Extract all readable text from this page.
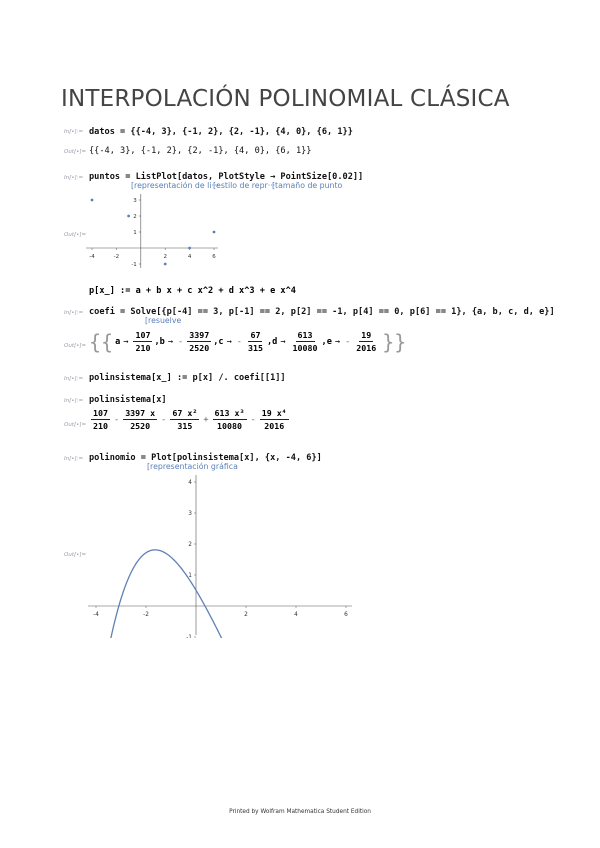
INTERPOLACIÓN POLINOMIAL CLÁSICA
In[•]:= datos = {{-4, 3}, {-1, 2}, {2, -1}, {4, 0}, {6, 1}}
Out[•]= {{-4, 3}, {-1, 2}, {2, -1}, {4, 0}, {6, 1}}
In[•]:= puntos = ListPlot[datos, PlotStyle → PointSize[0.02]]
[ representación de li···
[ estilo de repr···
[ tamaño de punto
Out[•]=
-4	-2	2	4	6
3
2
1
-1
p[x_] := a + b x + c x^2 + d x^3 + e x^4
In[•]:= coefi = Solve[{p[-4] == 3, p[-1] == 2, p[2] == -1, p[4] == 0, p[6] == 1}, {a, b, c, d, e}]
[ resuelve
Out[•]= {{ $a \to \frac{107}{210}$ , b → - $\frac{3397}{2520}$ , c → - $\frac{67}{315}$ , $d \to \frac{613}{10080}$ , e → - $\frac{19}{2016}$ }}
In[•]:= polinsistema[x_] := p[x] /. coefi[[1]]
In[•]:= polinsistema[x]
Out[•]= $\frac{107}{210} - \frac{3397 x}{2520} - \frac{\text{67 x²}}{315} + \frac{\text{613 x³}}{10080} - \frac{\text{19 x⁴}}{2016}$
In[•]:= polinomio = Plot[polinsistema[x], {x, -4, 6}]
[ representación gráfica
Out[•]=
-4	-2	2	4	6
4
3
2
1
-1
Printed by Wolfram Mathematica Student Edition
